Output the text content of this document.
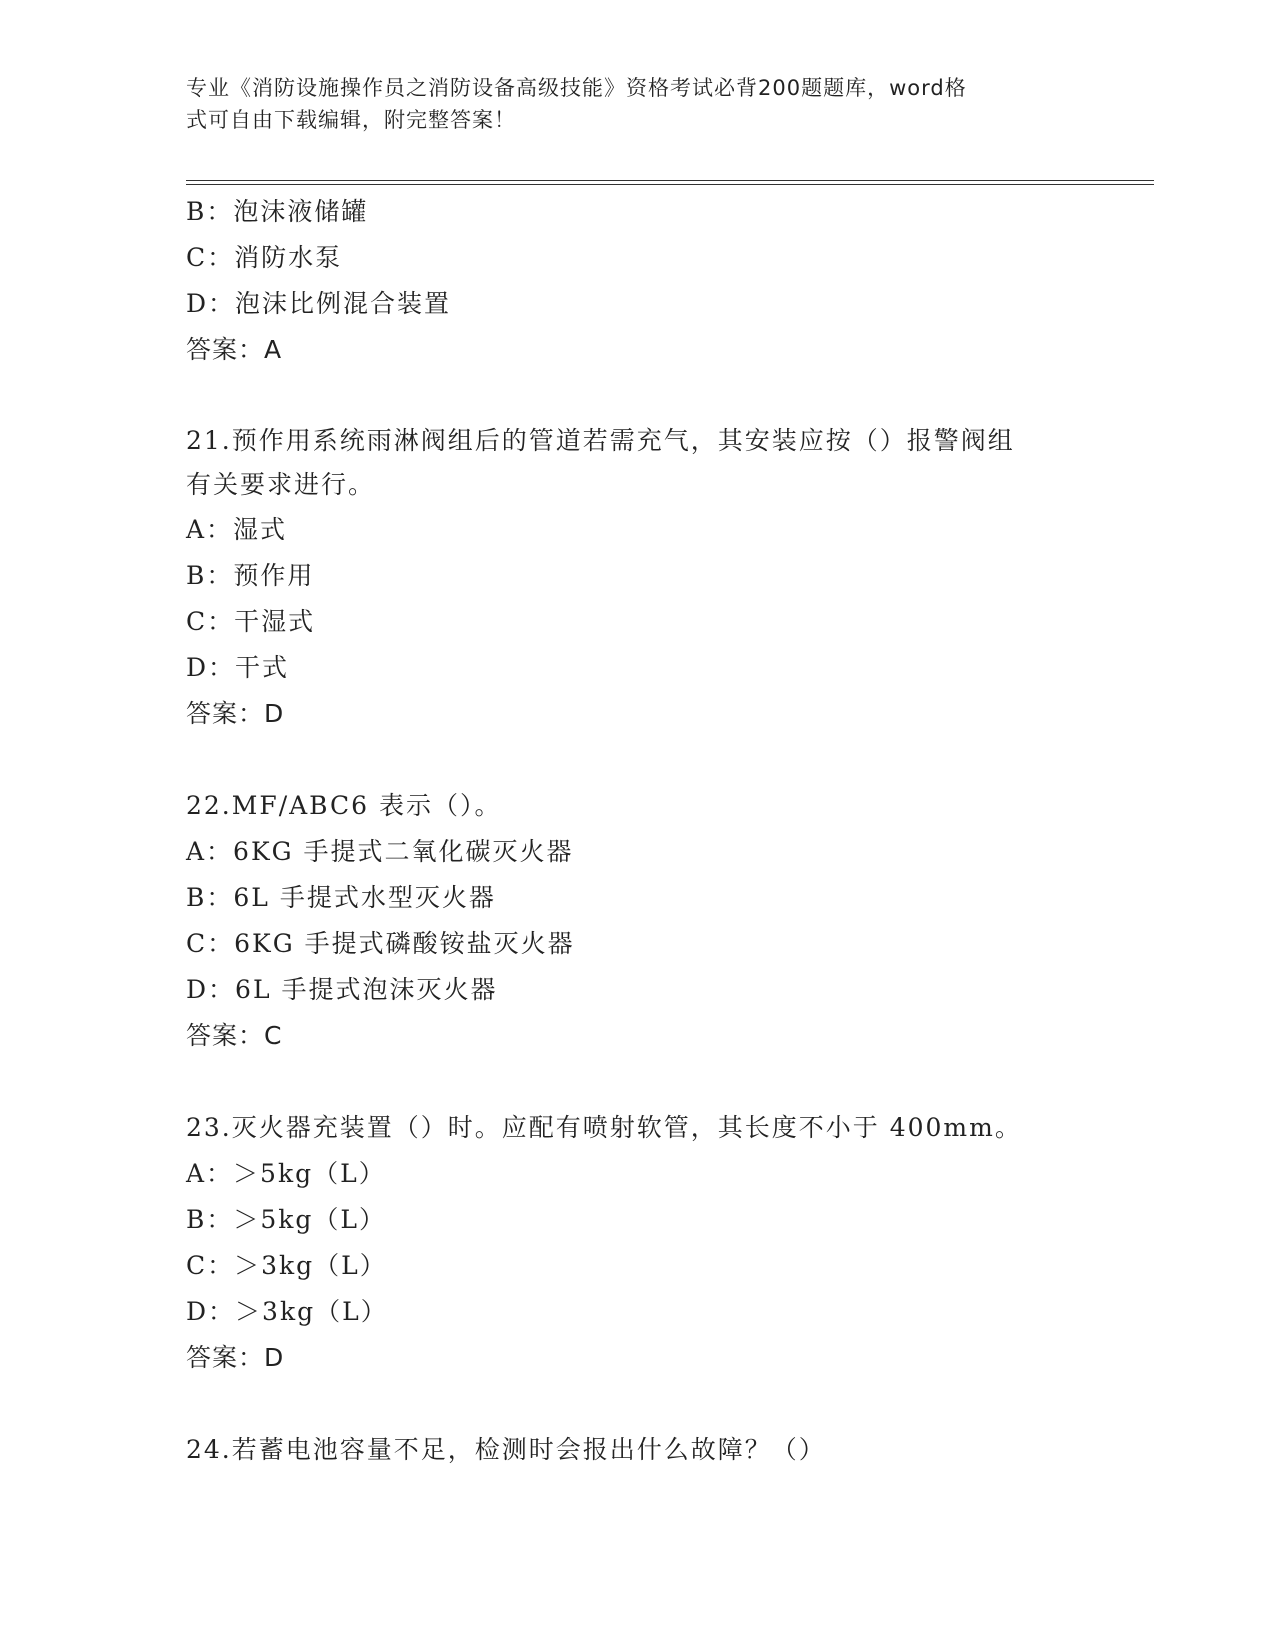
专业《消防设施操作员之消防设备高级技能》资格考试必背200题题库，word格
式可自由下载编辑，附完整答案！
B：泡沫液储罐
C：消防水泵
D：泡沫比例混合装置
答案：A
21.预作用系统雨淋阀组后的管道若需充气，其安装应按（）报警阀组
有关要求进行。
A：湿式
B：预作用
C：干湿式
D：干式
答案：D
22.MF/ABC6 表示（）。
A：6KG 手提式二氧化碳灭火器
B：6L 手提式水型灭火器
C：6KG 手提式磷酸铵盐灭火器
D：6L 手提式泡沫灭火器
答案：C
23.灭火器充装置（）时。应配有喷射软管，其长度不小于 400mm。
A：＞5kg（L）
B：＞5kg（L）
C：＞3kg（L）
D：＞3kg（L）
答案：D
24.若蓄电池容量不足，检测时会报出什么故障？（）
